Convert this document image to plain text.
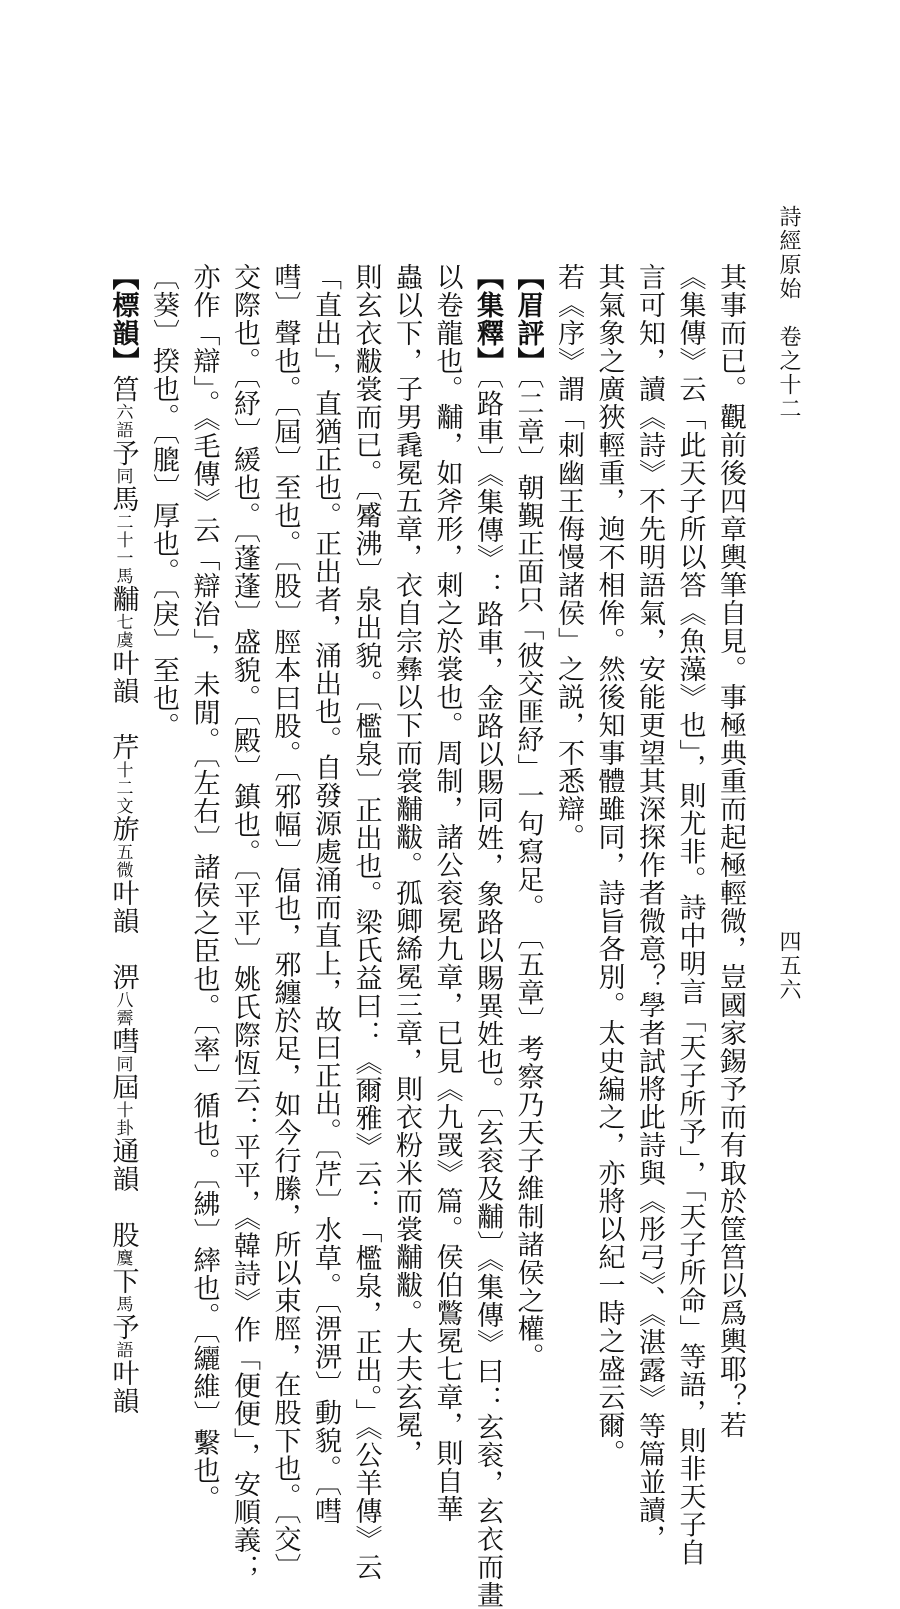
詩經原始　卷之十二
四五六
其事而已。觀前後四章輿筆自見。事極典重而起極輕微，豈國家錫予而有取於筐筥以爲輿耶？若
《集傳》云「此天子所以答《魚藻》也」，則尤非。詩中明言「天子所予」，「天子所命」等語，則非天子自
言可知，讀《詩》不先明語氣，安能更望其深探作者微意？學者試將此詩與《彤弓》、《湛露》等篇並讀，
其氣象之廣狹輕重，逈不相侔。然後知事體雖同，詩旨各別。太史編之，亦將以紀一時之盛云爾。
若《序》謂「刺幽王侮慢諸侯」之説，不悉辯。
【 眉評 】〔二章〕朝覲正面只「彼交匪紓」一句寫足。　〔五章〕考察乃天子維制諸侯之權。
【 集釋 】〔路車〕《集傳》：路車，金路以賜同姓，象路以賜異姓也。〔玄衮及黼〕《集傳》曰：玄衮，玄衣而畫
以卷龍也。黼，如斧形，刺之於裳也。周制，諸公衮冕九章，已見《九罭》篇。侯伯鷩冕七章，則自華
蟲以下，子男毳冕五章，衣自宗彝以下而裳黼黻。孤卿絺冕三章，則衣粉米而裳黼黻。大夫玄冕，
則玄衣黻裳而已。〔觱沸〕泉出貌。〔檻泉〕正出也。梁氏益曰：《爾雅》云：「檻泉，正出。」《公羊傳》云
「直出」，直猶正也。正出者，涌出也。自發源處涌而直上，故曰正出。〔芹〕水草。〔淠淠〕動貌。〔嘒
嘒〕聲也。〔屆〕至也。〔股〕脛本曰股。〔邪幅〕偪也，邪纏於足，如今行縢，所以束脛，在股下也。〔交〕
交際也。〔紓〕緩也。〔蓬蓬〕盛貌。〔殿〕鎮也。〔平平〕姚氏際恆云：平平，《韓詩》作「便便」，安順義；
亦作「辯」。《毛傳》云「辯治」，未閒。〔左右〕諸侯之臣也。〔率〕循也。〔紼〕繂也。〔纚維〕繫也。
〔葵〕揆也。〔膍〕厚也。〔戾〕至也。
【 標韻 】筥六語予同馬二十一馬黼七虞叶韻　芹十二文旂五微叶韻　淠八霽嘒同屆十卦通韻　股麌下馬予語叶韻
